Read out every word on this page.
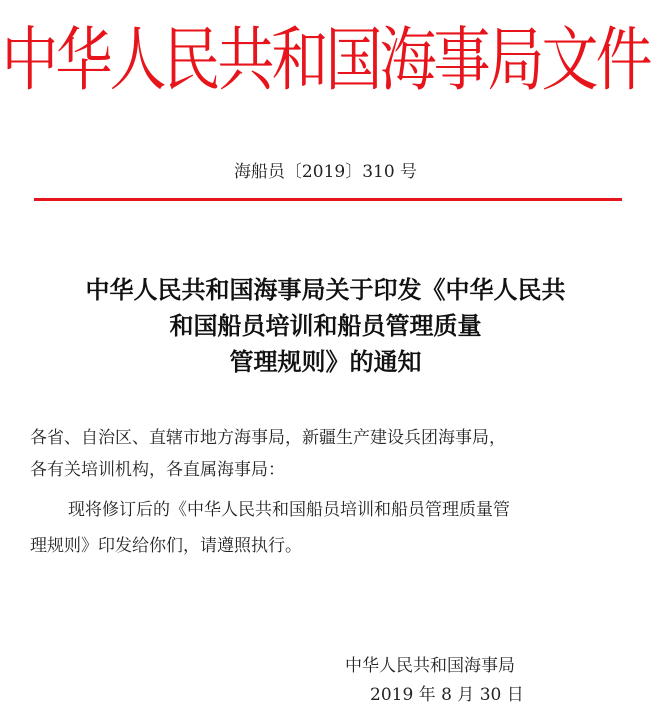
中华人民共和国海事局文件
海船员〔2019〕310 号
中华人民共和国海事局关于印发《中华人民共
和国船员培训和船员管理质量
管理规则》的通知
各省、自治区、直辖市地方海事局，新疆生产建设兵团海事局，
各有关培训机构，各直属海事局：
现将修订后的《中华人民共和国船员培训和船员管理质量管
理规则》印发给你们，请遵照执行。
中华人民共和国海事局
2019 年 8 月 30 日
